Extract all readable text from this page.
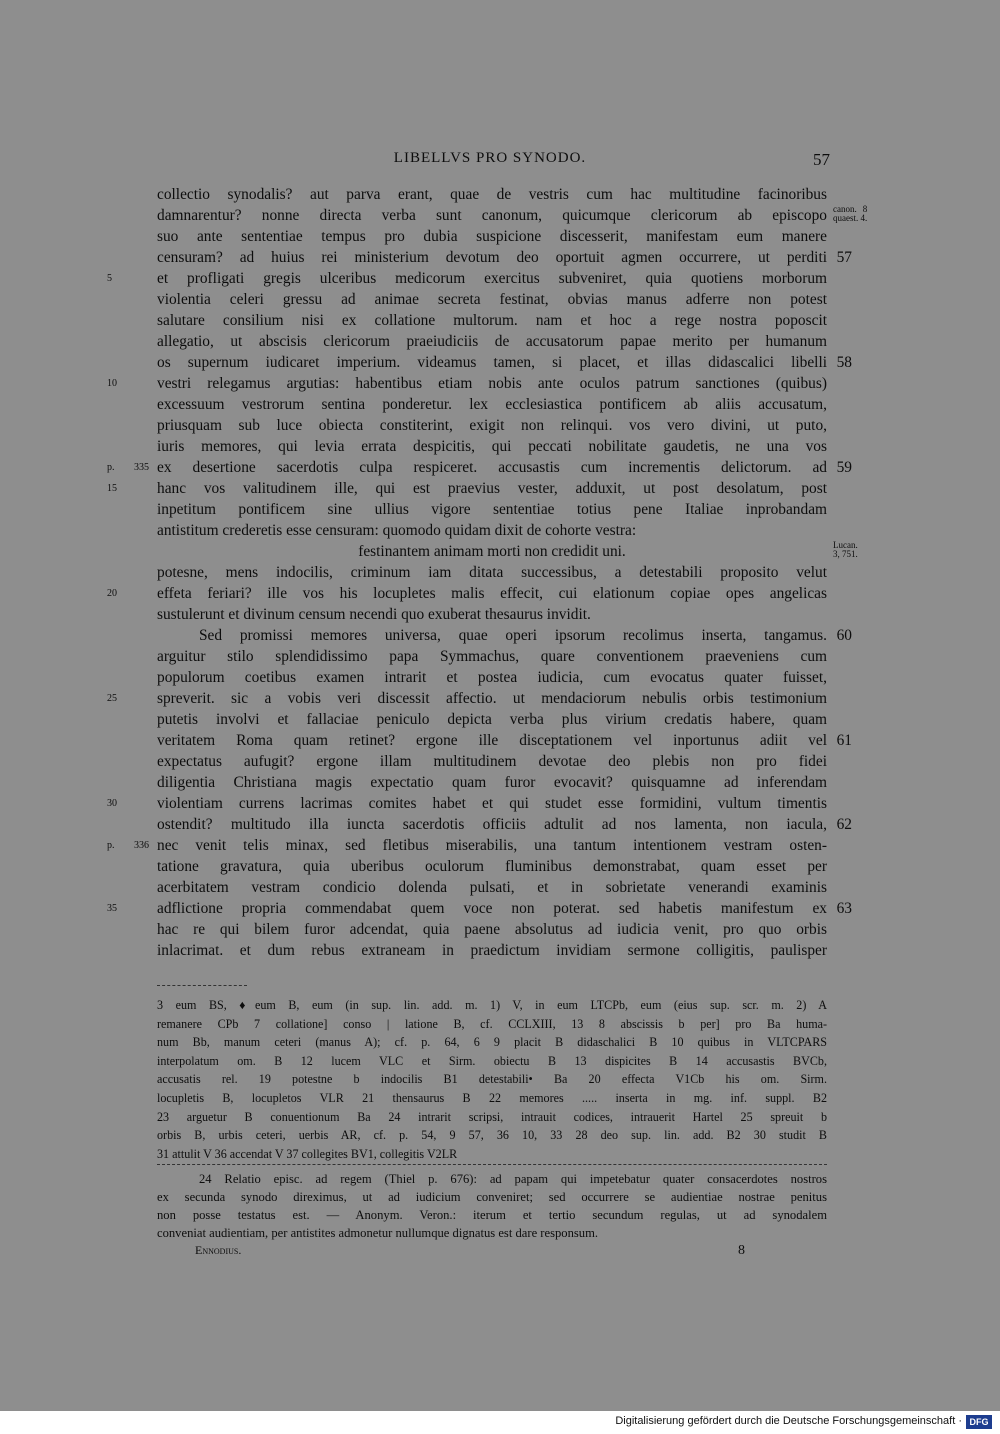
LIBELLVS PRO SYNODO.	57
collectio synodalis? aut parva erant, quae de vestris cum hac multitudine facinoribus
damnarentur? nonne directa verba sunt canonum, quicumque clericorum ab episcopo canon. 8
quaest. 4.
suo ante sententiae tempus pro dubia suspicione discesserit, manifestam eum manere
censuram? ad huius rei ministerium devotum deo oportuit agmen occurrere, ut perditi 57
et profligati gregis ulceribus medicorum exercitus subveniret, quia quotiens morborum
5
violentia celeri gressu ad animae secreta festinat, obvias manus adferre non potest
salutare consilium nisi ex collatione multorum. nam et hoc a rege nostra poposcit
allegatio, ut abscisis clericorum praeiudiciis de accusatorum papae merito per humanum
os supernum iudicaret imperium. videamus tamen, si placet, et illas didascalici libelli 58
vestri relegamus argutias: habentibus etiam nobis ante oculos patrum sanctiones (quibus)
10
excessuum vestrorum sentina ponderetur. lex ecclesiastica pontificem ab aliis accusatum,
priusquam sub luce obiecta constiterint, exigit non relinqui. vos vero divini, ut puto,
iuris memores, qui levia errata despicitis, qui peccati nobilitate gaudetis, ne una vos
ex desertione sacerdotis culpa respiceret. accusastis cum incrementis delictorum. ad
p. 335	59
hanc vos valitudinem ille, qui est praevius vester, adduxit, ut post desolatum, post
15
inpetitum pontificem sine ullius vigore sententiae totius pene Italiae inprobandam
antistitum crederetis esse censuram: quomodo quidam dixit de cohorte vestra:
festinantem animam morti non credidit uni.	Lucan.
3, 751.
potesne, mens indocilis, criminum iam ditata successibus, a detestabili proposito velut
effeta feriari? ille vos his locupletes malis effecit, cui elationum copiae opes angelicas
20
sustulerunt et divinum censum necendi quo exuberat thesaurus invidit.
Sed promissi memores universa, quae operi ipsorum recolimus inserta, tangamus. 60
arguitur stilo splendidissimo papa Symmachus, quare conventionem praeveniens cum
populorum coetibus examen intrarit et postea iudicia, cum evocatus quater fuisset,
spreverit. sic a vobis veri discessit affectio. ut mendaciorum nebulis orbis testimonium
25
putetis involvi et fallaciae peniculo depicta verba plus virium credatis habere, quam
veritatem Roma quam retinet? ergone ille disceptationem vel inportunus adiit vel 61
expectatus aufugit? ergone illam multitudinem devotae deo plebis non pro fidei
diligentia Christiana magis expectatio quam furor evocavit? quisquamne ad inferendam
violentiam currens lacrimas comites habet et qui studet esse formidini, vultum timentis
30
ostendit? multitudo illa iuncta sacerdotis officiis adtulit ad nos lamenta, non iacula, 62
nec venit telis minax, sed fletibus miserabilis, una tantum intentionem vestram osten-
p. 336
tatione gravatura, quia uberibus oculorum fluminibus demonstrabat, quam esset per
acerbitatem vestram condicio dolenda pulsati, et in sobrietate venerandi examinis
adflictione propria commendabat quem voce non poterat. sed habetis manifestum ex
35	63
hac re qui bilem furor adcendat, quia paene absolutus ad iudicia venit, pro quo orbis
inlacrimat. et dum rebus extraneam in praedictum invidiam sermone colligitis, paulisper
3 eum BS, ♦eum B, eum (in sup. lin. add. m. 1) V, in eum LTCPb, eum (eius sup. scr. m. 2) A
remanere CPb 7 collatione] conso | latione B, cf. CCLXIII, 13 8 abscissis b per] pro Ba huma-
num Bb, manum ceteri (manus A); cf. p. 64, 6 9 placit B didaschalici B 10 quibus in VLTCPARS
interpolatum om. B 12 lucem VLC et Sirm. obiectu B 13 dispicites B 14 accusastis BVCb,
accusatis rel. 19 potestne b indocilis B1 detestabili• Ba 20 effecta V1Cb his om. Sirm.
locupletis B, locupletos VLR 21 thensaurus B 22 memores ..... inserta in mg. inf. suppl. B2
23 arguetur B conuentionum Ba 24 intrarit scripsi, intrauit codices, intrauerit Hartel 25 spreuit b
orbis B, urbis ceteri, uerbis AR, cf. p. 54, 9 57, 36 10, 33 28 deo sup. lin. add. B2 30 studit B
31 attulit V 36 accendat V 37 collegites BV1, collegitis V2LR
24 Relatio episc. ad regem (Thiel p. 676): ad papam qui impetebatur quater consacerdotes nostros
ex secunda synodo direximus, ut ad iudicium conveniret; sed occurrere se audientiae nostrae penitus
non posse testatus est. — Anonym. Veron.: iterum et tertio secundum regulas, ut ad synodalem
conveniat audientiam, per antistites admonetur nullumque dignatus est dare responsum.
Ennodius.	8
Digitalisierung gefördert durch die Deutsche Forschungsgemeinschaft · DFG
